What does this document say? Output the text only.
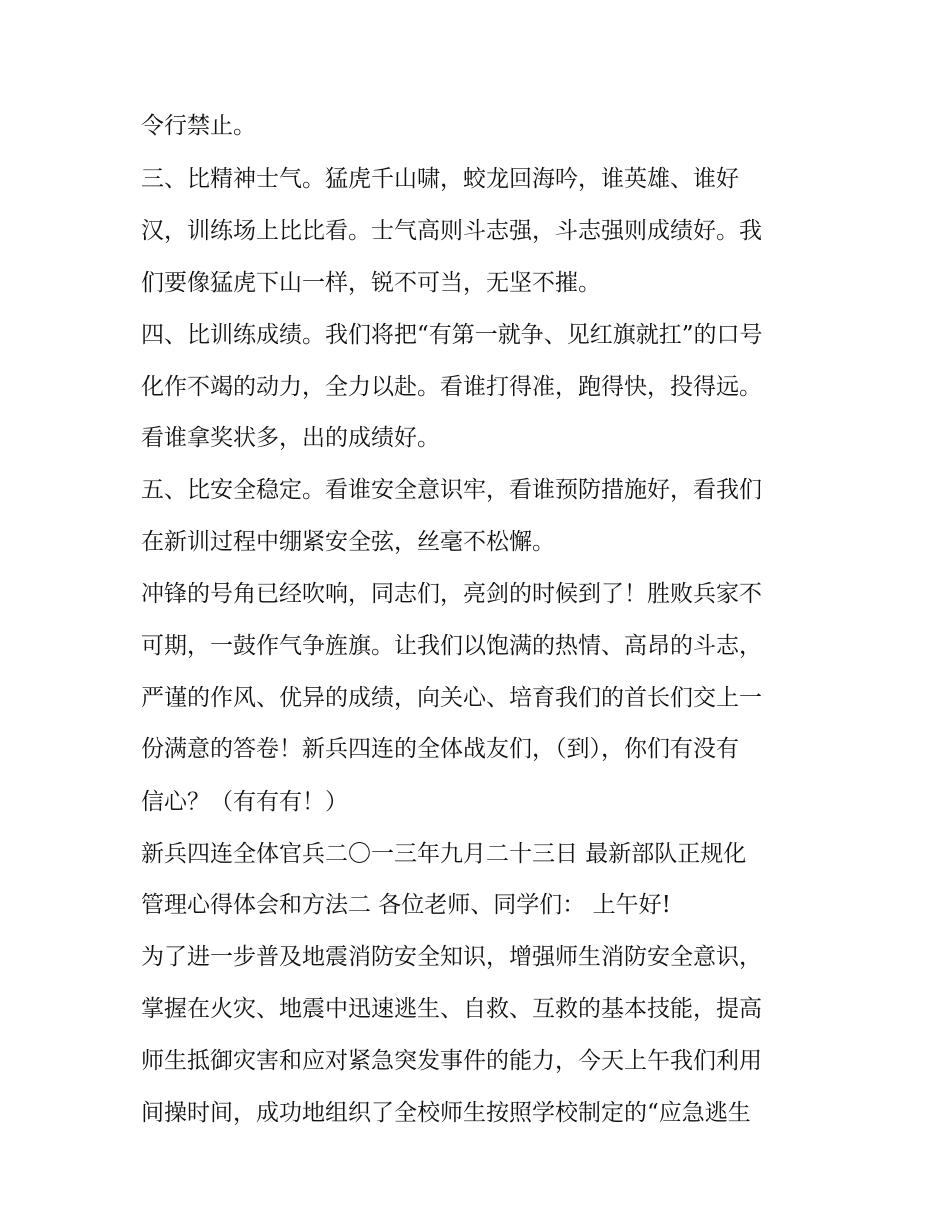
令行禁止。
三、比精神士气。猛虎千山啸，蛟龙回海吟，谁英雄、谁好
汉，训练场上比比看。士气高则斗志强，斗志强则成绩好。我
们要像猛虎下山一样，锐不可当，无坚不摧。
四、比训练成绩。我们将把“有第一就争、见红旗就扛”的口号
化作不竭的动力，全力以赴。看谁打得准，跑得快，投得远。
看谁拿奖状多，出的成绩好。
五、比安全稳定。看谁安全意识牢，看谁预防措施好，看我们
在新训过程中绷紧安全弦，丝毫不松懈。
冲锋的号角已经吹响，同志们，亮剑的时候到了！胜败兵家不
可期，一鼓作气争旌旗。让我们以饱满的热情、高昂的斗志，
严谨的作风、优异的成绩，向关心、培育我们的首长们交上一
份满意的答卷！新兵四连的全体战友们，（到），你们有没有
信心？（有有有！）
新兵四连全体官兵二〇一三年九月二十三日 最新部队正规化
管理心得体会和方法二 各位老师、同学们： 上午好!
为了进一步普及地震消防安全知识，增强师生消防安全意识，
掌握在火灾、地震中迅速逃生、自救、互救的基本技能，提高
师生抵御灾害和应对紧急突发事件的能力，今天上午我们利用
间操时间，成功地组织了全校师生按照学校制定的“应急逃生
